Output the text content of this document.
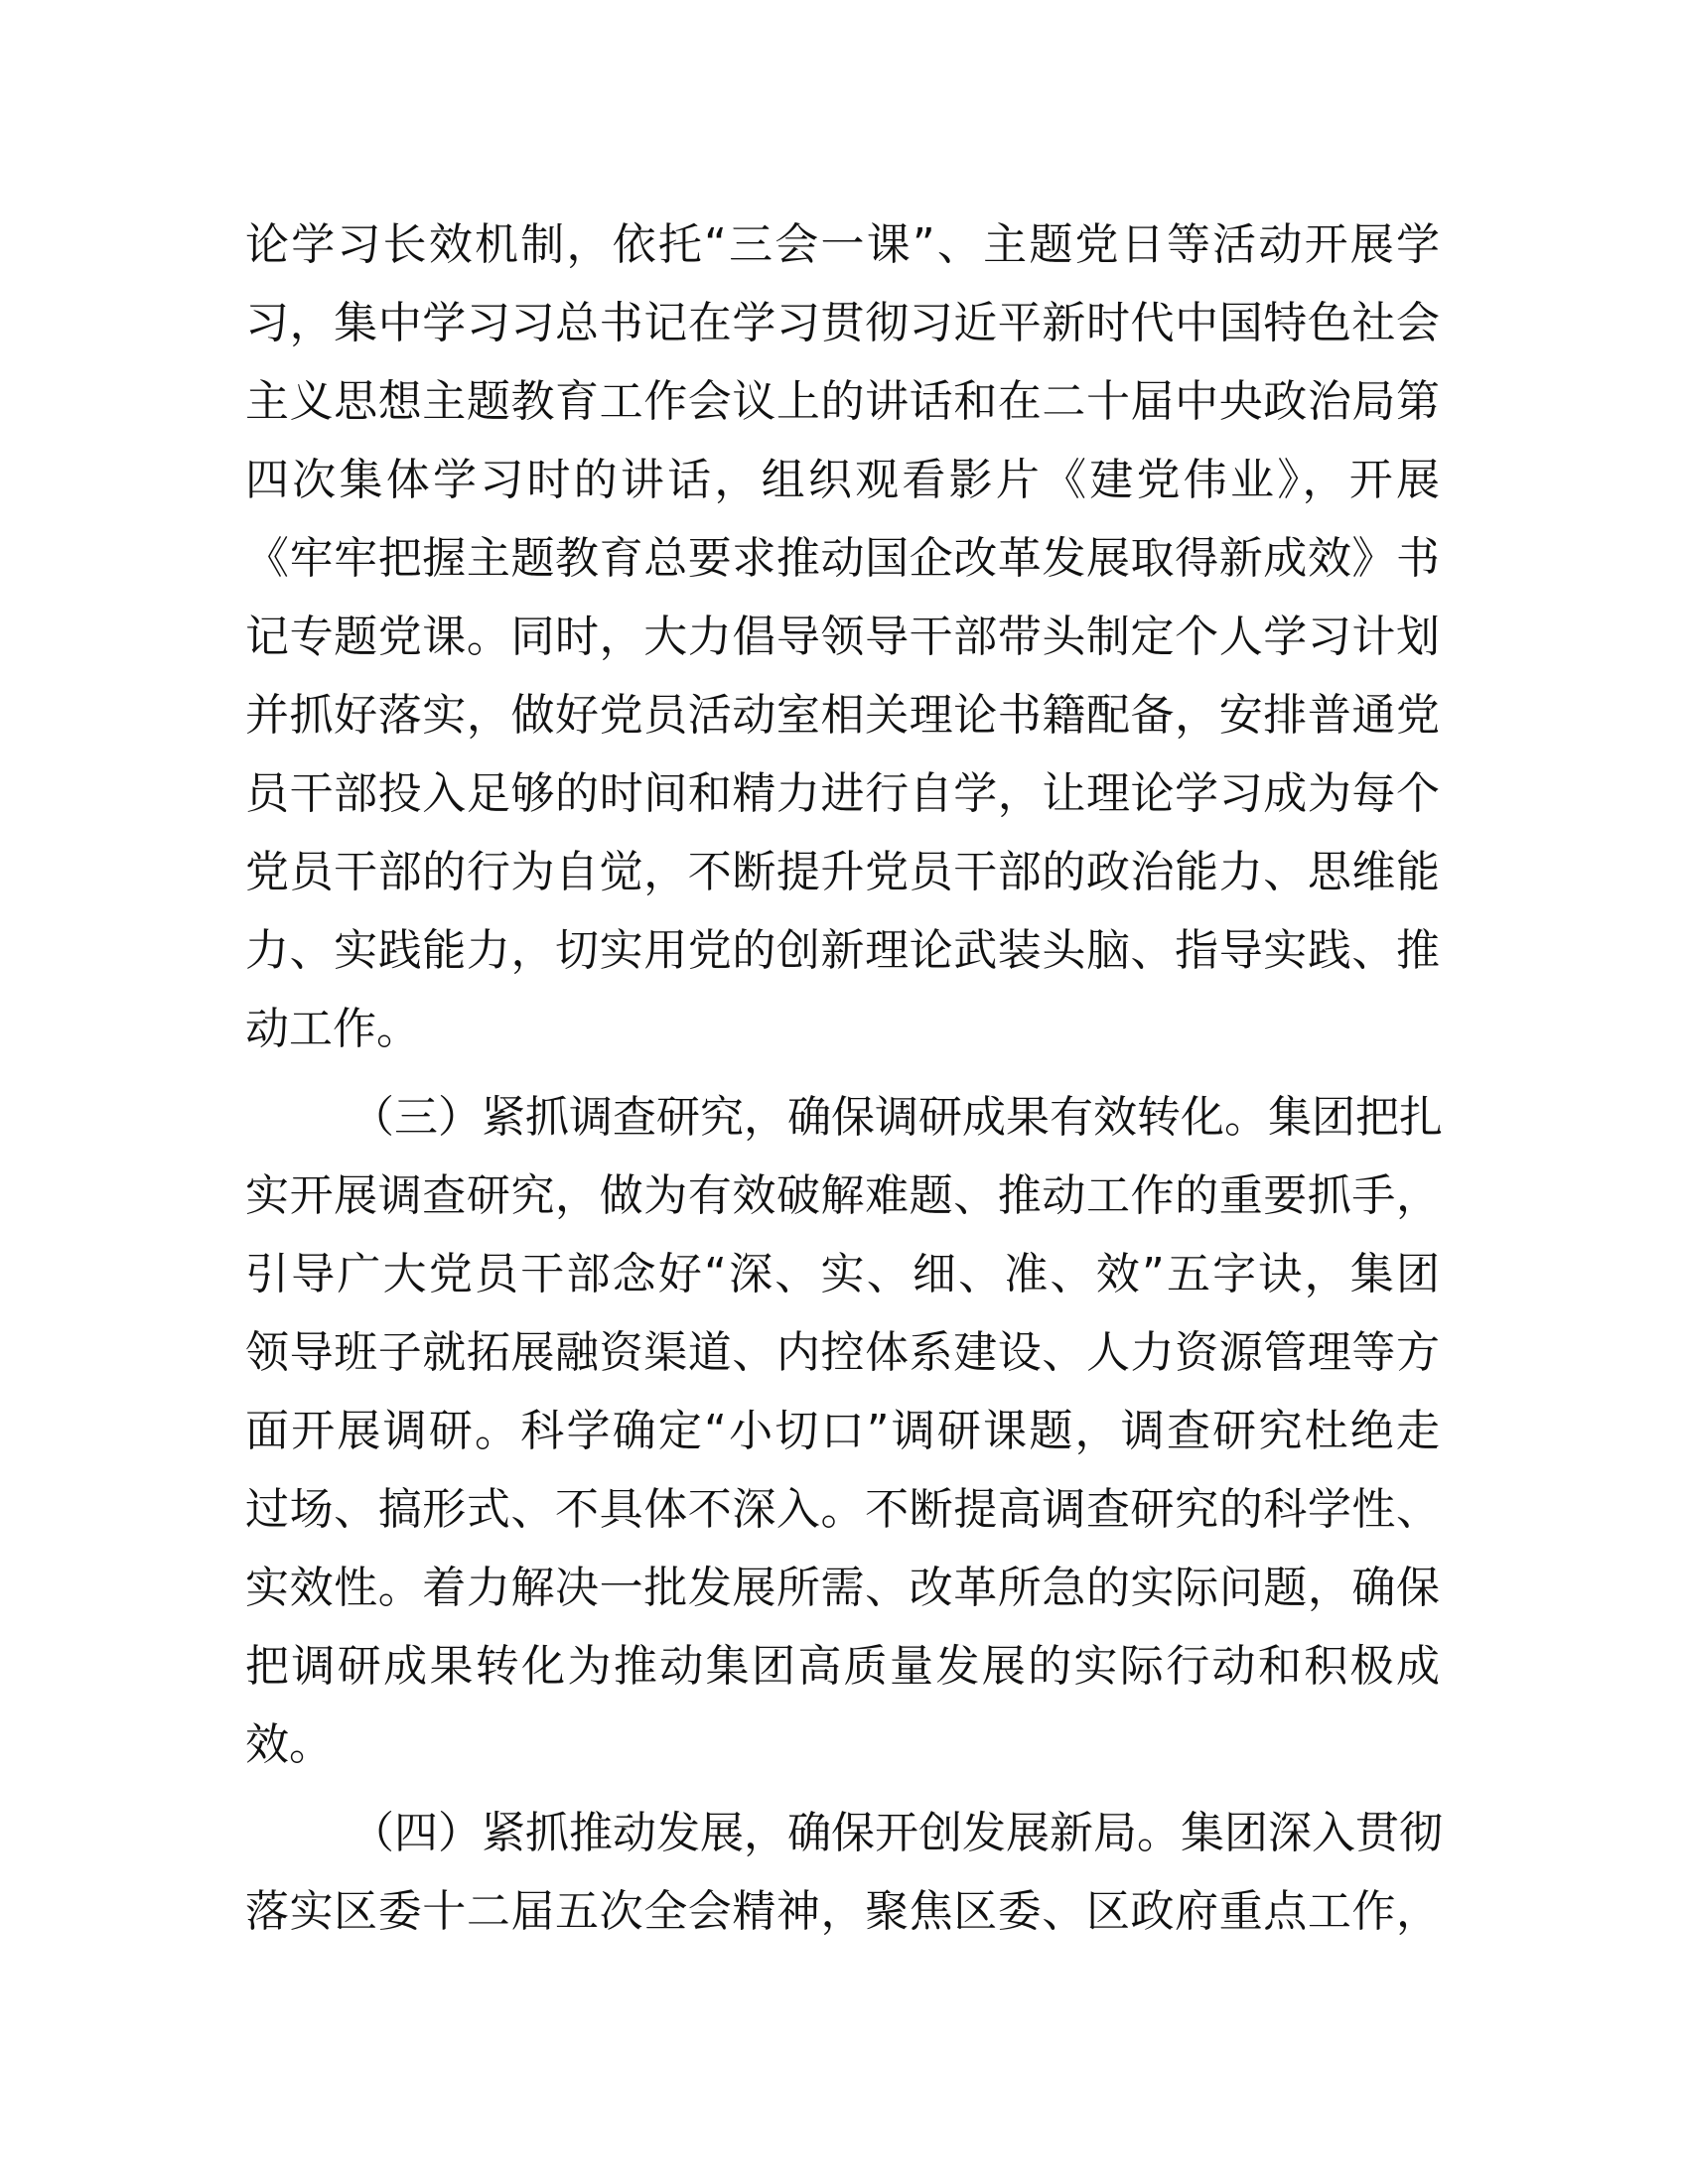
论学习长效机制，依托“三会一课”、主题党日等活动开展学
习，集中学习习总书记在学习贯彻习近平新时代中国特色社会
主义思想主题教育工作会议上的讲话和在二十届中央政治局第
四次集体学习时的讲话，组织观看影片《建党伟业》，开展
《牢牢把握主题教育总要求推动国企改革发展取得新成效》书
记专题党课。同时，大力倡导领导干部带头制定个人学习计划
并抓好落实，做好党员活动室相关理论书籍配备，安排普通党
员干部投入足够的时间和精力进行自学，让理论学习成为每个
党员干部的行为自觉，不断提升党员干部的政治能力、思维能
力、实践能力，切实用党的创新理论武装头脑、指导实践、推
动工作。
（三）紧抓调查研究，确保调研成果有效转化。集团把扎
实开展调查研究，做为有效破解难题、推动工作的重要抓手，
引导广大党员干部念好“深、实、细、准、效”五字诀，集团
领导班子就拓展融资渠道、内控体系建设、人力资源管理等方
面开展调研。科学确定“小切口”调研课题，调查研究杜绝走
过场、搞形式、不具体不深入。不断提高调查研究的科学性、
实效性。着力解决一批发展所需、改革所急的实际问题，确保
把调研成果转化为推动集团高质量发展的实际行动和积极成
效。
（四）紧抓推动发展，确保开创发展新局。集团深入贯彻
落实区委十二届五次全会精神，聚焦区委、区政府重点工作，
